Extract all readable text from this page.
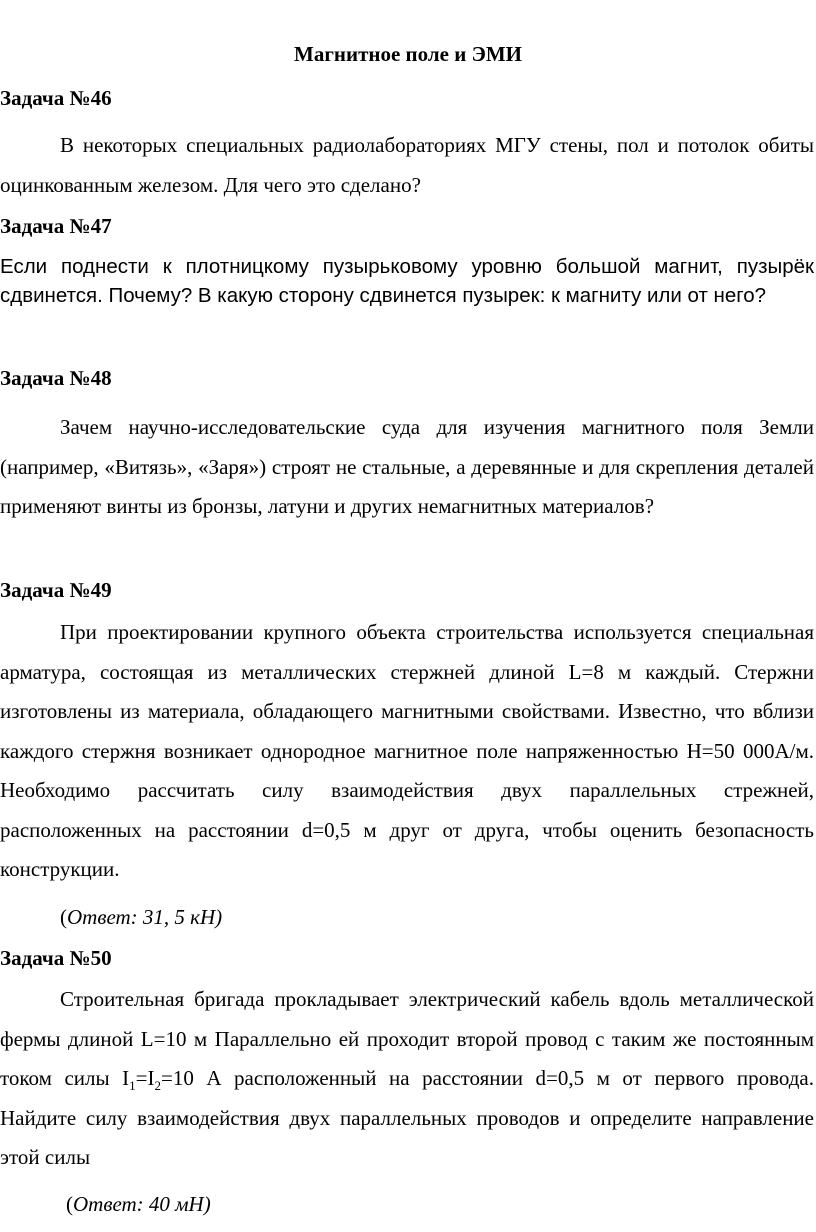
Магнитное поле и ЭМИ
Задача №46

В некоторых специальных радиолабораториях МГУ стены, пол и потолок обиты оцинкованным железом. Для чего это сделано?

Задача №47

Если поднести к плотницкому пузырьковому уровню большой магнит, пузырёк сдвинется. Почему? В какую сторону сдвинется пузырек: к магниту или от него?

Задача №48

Зачем научно-исследовательские суда для изучения магнитного поля Земли (например, «Витязь», «Заря») строят не стальные, а деревянные и для скрепления деталей применяют винты из бронзы, латуни и других немагнитных материалов?

Задача №49

При проектировании крупного объекта строительства используется специальная арматура, состоящая из металлических стержней длиной L=8 м каждый. Стержни изготовлены из материала, обладающего магнитными свойствами. Известно, что вблизи каждого стержня возникает однородное магнитное поле напряженностью H=50 000А/м. Необходимо рассчитать силу взаимодействия двух параллельных стрежней, расположенных на расстоянии d=0,5 м друг от друга, чтобы оценить безопасность конструкции.

(Ответ: 31, 5 кН)
Задача №50

Строительная бригада прокладывает электрический кабель вдоль металлической фермы длиной L=10 м Параллельно ей проходит второй провод с таким же постоянным током силы $I_1=I_2=10$ А расположенный на расстоянии d=0,5 м от первого провода. Найдите силу взаимодействия двух параллельных проводов и определите направление этой силы

(Ответ: 40 мН)
